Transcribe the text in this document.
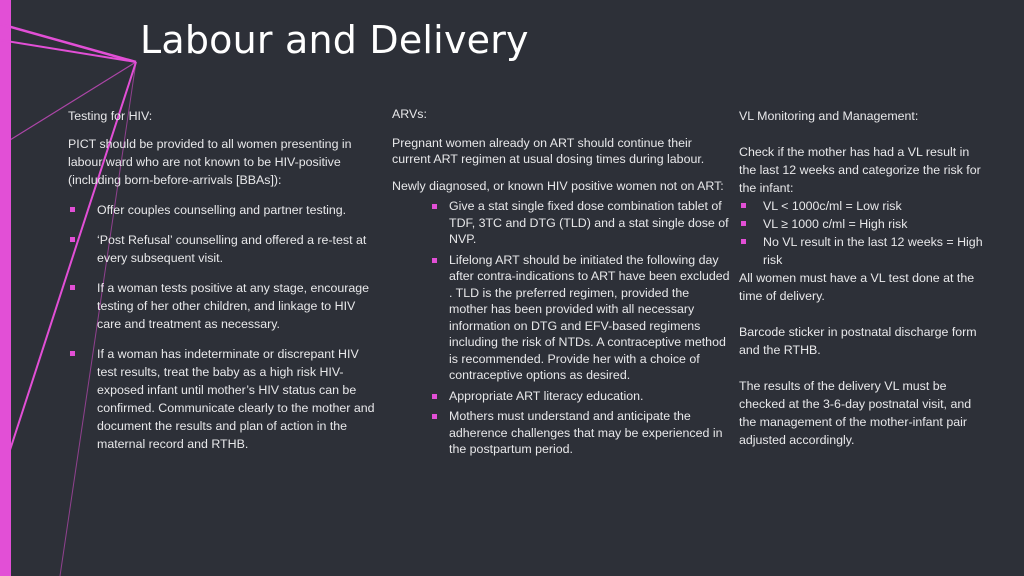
Labour and Delivery

Testing for HIV:

PICT should be provided to all women presenting in labour ward who are not known to be HIV-positive (including born-before-arrivals [BBAs]):

Offer couples counselling and partner testing.
‘Post Refusal’ counselling and offered a re-test at every subsequent visit.
If a woman tests positive at any stage, encourage testing of her other children, and linkage to HIV care and treatment as necessary.
If a woman has indeterminate or discrepant HIV test results, treat the baby as a high risk HIV-exposed infant until mother’s HIV status can be confirmed. Communicate clearly to the mother and document the results and plan of action in the maternal record and RTHB.

ARVs:

Pregnant women already on ART should continue their current ART regimen at usual dosing times during labour.

Newly diagnosed, or known HIV positive women not on ART:

Give a stat single fixed dose combination tablet of TDF, 3TC and DTG (TLD) and a stat single dose of NVP.
Lifelong ART should be initiated the following day after contra-indications to ART have been excluded . TLD is the preferred regimen, provided the mother has been provided with all necessary information on DTG and EFV-based regimens including the risk of NTDs. A contraceptive method is recommended. Provide her with a choice of contraceptive options as desired.
Appropriate ART literacy education.
Mothers must understand and anticipate the adherence challenges that may be experienced in the postpartum period.

VL Monitoring and Management:

Check if the mother has had a VL result in the last 12 weeks and categorize the risk for the infant:

VL < 1000c/ml = Low risk
VL ≥ 1000 c/ml = High risk
No VL result in the last 12 weeks = High risk

All women must have a VL test done at the time of delivery.

Barcode sticker in postnatal discharge form and the RTHB.

The results of the delivery VL must be checked at the 3-6-day postnatal visit, and the management of the mother-infant pair adjusted accordingly.
